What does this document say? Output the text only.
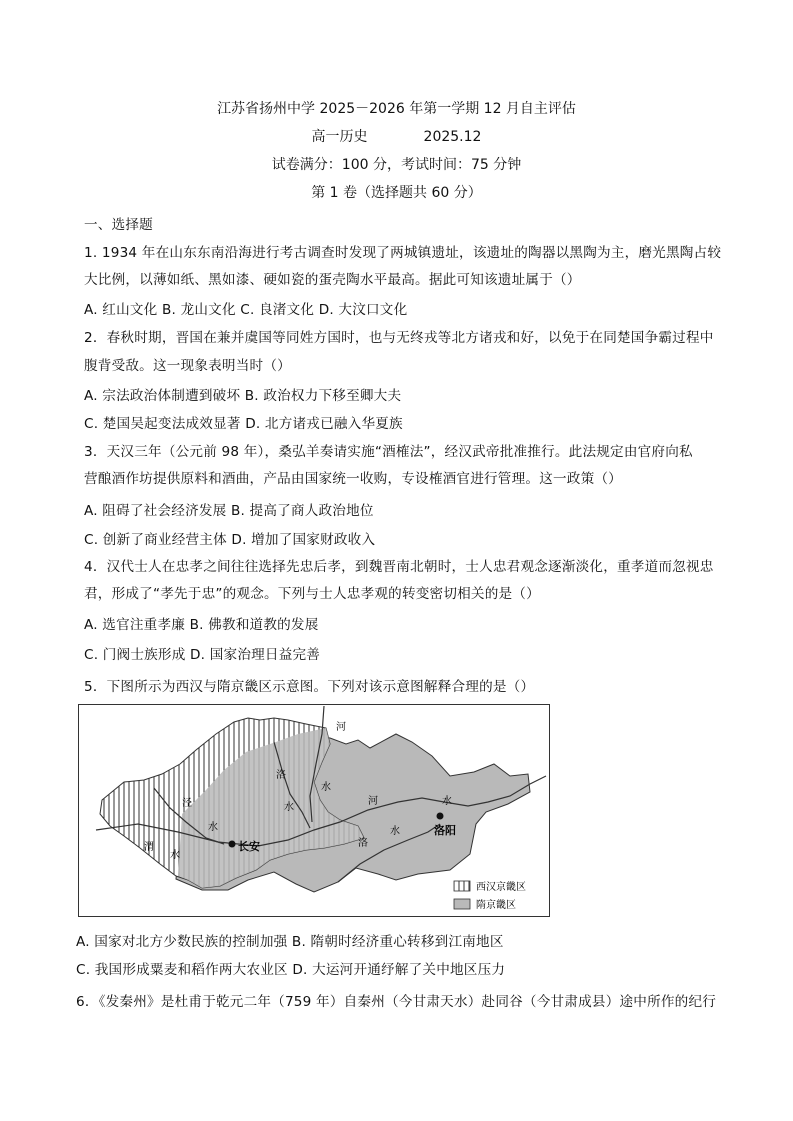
江苏省扬州中学 2025－2026 年第一学期 12 月自主评估
高一历史	2025.12
试卷满分：100 分，考试时间：75 分钟
第 1 卷（选择题共 60 分）
一、选择题
1. 1934 年在山东东南沿海进行考古调查时发现了两城镇遗址，该遗址的陶器以黑陶为主，磨光黑陶占较
大比例，以薄如纸、黑如漆、硬如瓷的蛋壳陶水平最高。据此可知该遗址属于（）
A. 红山文化 B. 龙山文化 C. 良渚文化 D. 大汶口文化
2．春秋时期，晋国在兼并虞国等同姓方国时，也与无终戎等北方诸戎和好，以免于在同楚国争霸过程中
腹背受敌。这一现象表明当时（）
A. 宗法政治体制遭到破坏 B. 政治权力下移至卿大夫
C. 楚国吴起变法成效显著 D. 北方诸戎已融入华夏族
3．天汉三年（公元前 98 年），桑弘羊奏请实施“酒榷法”，经汉武帝批准推行。此法规定由官府向私
营酿酒作坊提供原料和酒曲，产品由国家统一收购，专设榷酒官进行管理。这一政策（）
A. 阻碍了社会经济发展 B. 提高了商人政治地位
C. 创新了商业经营主体 D. 增加了国家财政收入
4．汉代士人在忠孝之间往往选择先忠后孝，到魏晋南北朝时，士人忠君观念逐渐淡化，重孝道而忽视忠
君，形成了“孝先于忠”的观念。下列与士人忠孝观的转变密切相关的是（）
A. 选官注重孝廉 B. 佛教和道教的发展
C. 门阀士族形成 D. 国家治理日益完善
5．下图所示为西汉与隋京畿区示意图。下列对该示意图解释合理的是（）
河
洛
水
水
泾
水
渭
水
河	水
洛
水
长安
洛阳
西汉京畿区
隋京畿区
A. 国家对北方少数民族的控制加强 B. 隋朝时经济重心转移到江南地区
C. 我国形成粟麦和稻作两大农业区 D. 大运河开通纾解了关中地区压力
6．《发秦州》是杜甫于乾元二年（759 年）自秦州（今甘肃天水）赴同谷（今甘肃成县）途中所作的纪行
